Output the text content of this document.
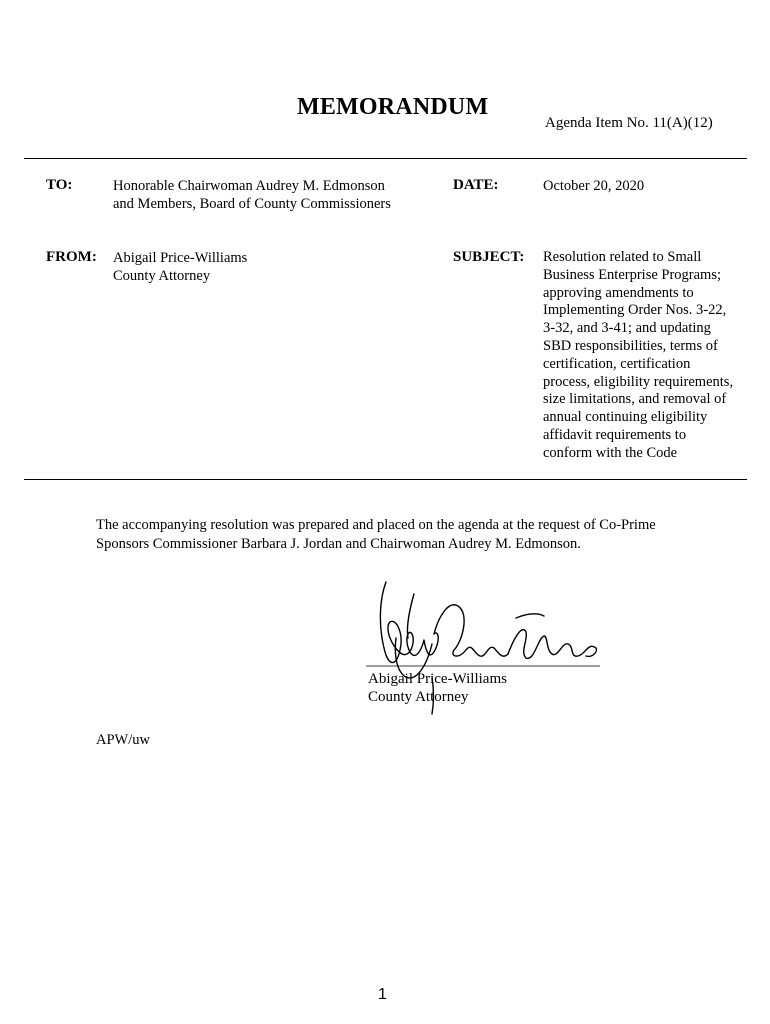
MEMORANDUM
Agenda Item No. 11(A)(12)
TO:	Honorable Chairwoman Audrey M. Edmonson
and Members, Board of County Commissioners
DATE:	October 20, 2020
FROM: Abigail Price-Williams
County Attorney
SUBJECT: Resolution related to Small
Business Enterprise Programs;
approving amendments to
Implementing Order Nos. 3-22,
3-32, and 3-41; and updating
SBD responsibilities, terms of
certification, certification
process, eligibility requirements,
size limitations, and removal of
annual continuing eligibility
affidavit requirements to
conform with the Code
The accompanying resolution was prepared and placed on the agenda at the request of Co-Prime
Sponsors Commissioner Barbara J. Jordan and Chairwoman Audrey M. Edmonson.
Abigail Price-Williams
County Attorney
APW/uw
1
